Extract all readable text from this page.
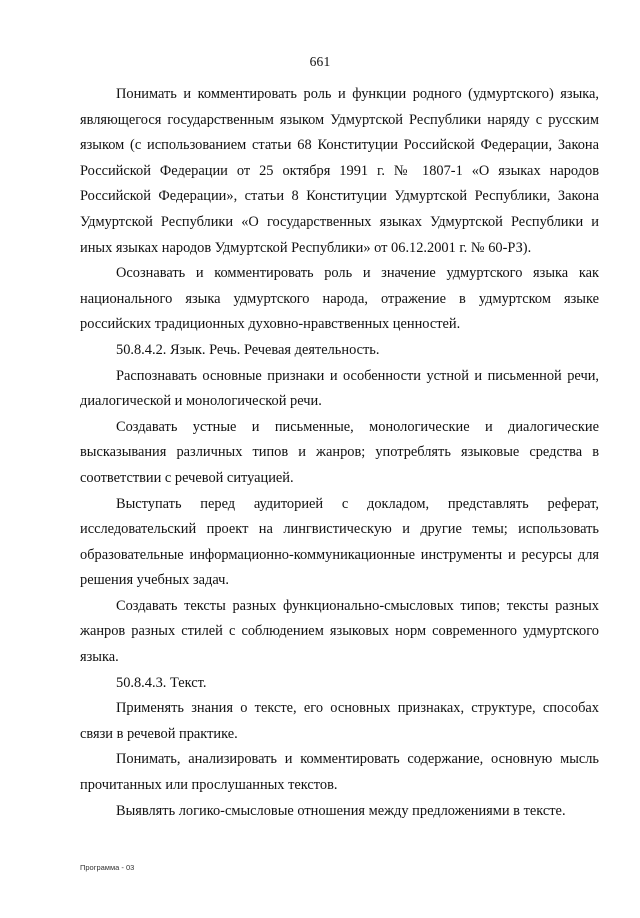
661

Понимать и комментировать роль и функции родного (удмуртского) языка, являющегося государственным языком Удмуртской Республики наряду с русским языком (с использованием статьи 68 Конституции Российской Федерации, Закона Российской Федерации от 25 октября 1991 г. № 1807-1 «О языках народов Российской Федерации», статьи 8 Конституции Удмуртской Республики, Закона Удмуртской Республики «О государственных языках Удмуртской Республики и иных языках народов Удмуртской Республики» от 06.12.2001 г. № 60-РЗ).

Осознавать и комментировать роль и значение удмуртского языка как национального языка удмуртского народа, отражение в удмуртском языке российских традиционных духовно-нравственных ценностей.

50.8.4.2. Язык. Речь. Речевая деятельность.

Распознавать основные признаки и особенности устной и письменной речи, диалогической и монологической речи.

Создавать устные и письменные, монологические и диалогические высказывания различных типов и жанров; употреблять языковые средства в соответствии с речевой ситуацией.

Выступать перед аудиторией с докладом, представлять реферат, исследовательский проект на лингвистическую и другие темы; использовать образовательные информационно-коммуникационные инструменты и ресурсы для решения учебных задач.

Создавать тексты разных функционально-смысловых типов; тексты разных жанров разных стилей с соблюдением языковых норм современного удмуртского языка.

50.8.4.3. Текст.

Применять знания о тексте, его основных признаках, структуре, способах связи в речевой практике.

Понимать, анализировать и комментировать содержание, основную мысль прочитанных или прослушанных текстов.

Выявлять логико-смысловые отношения между предложениями в тексте.

Программа - 03
